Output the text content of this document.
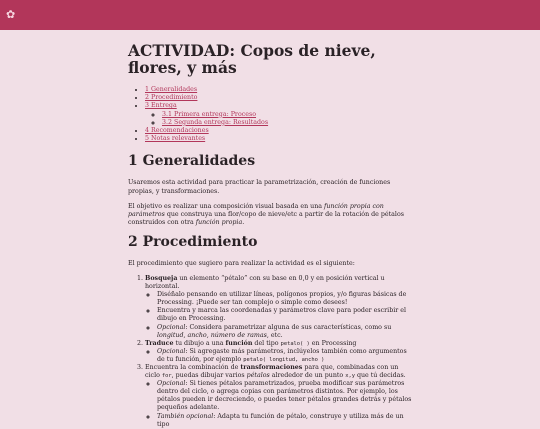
✿
ACTIVIDAD: Copos de nieve, flores, y más
• 1 Generalidades
• 2 Procedimiento
• 3 Entrega
◦ 3.1 Primera entrega: Proceso
◦ 3.2 Segunda entrega: Resultados
• 4 Recomendaciones
• 5 Notas relevantes
1 Generalidades

Usaremos esta actividad para practicar la parametrización, creación de funciones propias, y transformaciones.

El objetivo es realizar una composición visual basada en una función propia con parámetros que construya una flor/copo de nieve/etc a partir de la rotación de pétalos construidos con otra función propia.

2 Procedimiento

El procedimiento que sugiero para realizar la actividad es el siguiente:

1. Bosqueja un elemento “pétalo” con su base en 0,0 y en posición vertical u horizontal.
◦ Diséñalo pensando en utilizar líneas, polígonos propios, y/o figuras básicas de Processing. ¡Puede ser tan complejo o simple como desees!
◦ Encuentra y marca las coordenadas y parámetros clave para poder escribir el dibujo en Processing.
◦ Opcional: Considera parametrizar alguna de sus características, como su longitud, ancho, número de ramas, etc.
2. Traduce tu dibujo a una función del tipo petalo( ) en Processing
◦ Opcional: Si agregaste más parámetros, inclúyelos también como argumentos de tu función, por ejemplo petalo( longitud, ancho )
3. Encuentra la combinación de transformaciones para que, combinadas con un ciclo for, puedas dibujar varios pétalos alrededor de un punto x,y que tú decidas.
◦ Opcional: Si tienes pétalos parametrizados, prueba modificar sus parámetros dentro del ciclo, o agrega copias con parámetros distintos. Por ejemplo, los pétalos pueden ir decreciendo, o puedes tener pétalos grandes detrás y pétalos pequeños adelante.
◦ También opcional: Adapta tu función de pétalo, construye y utiliza más de un tipo
